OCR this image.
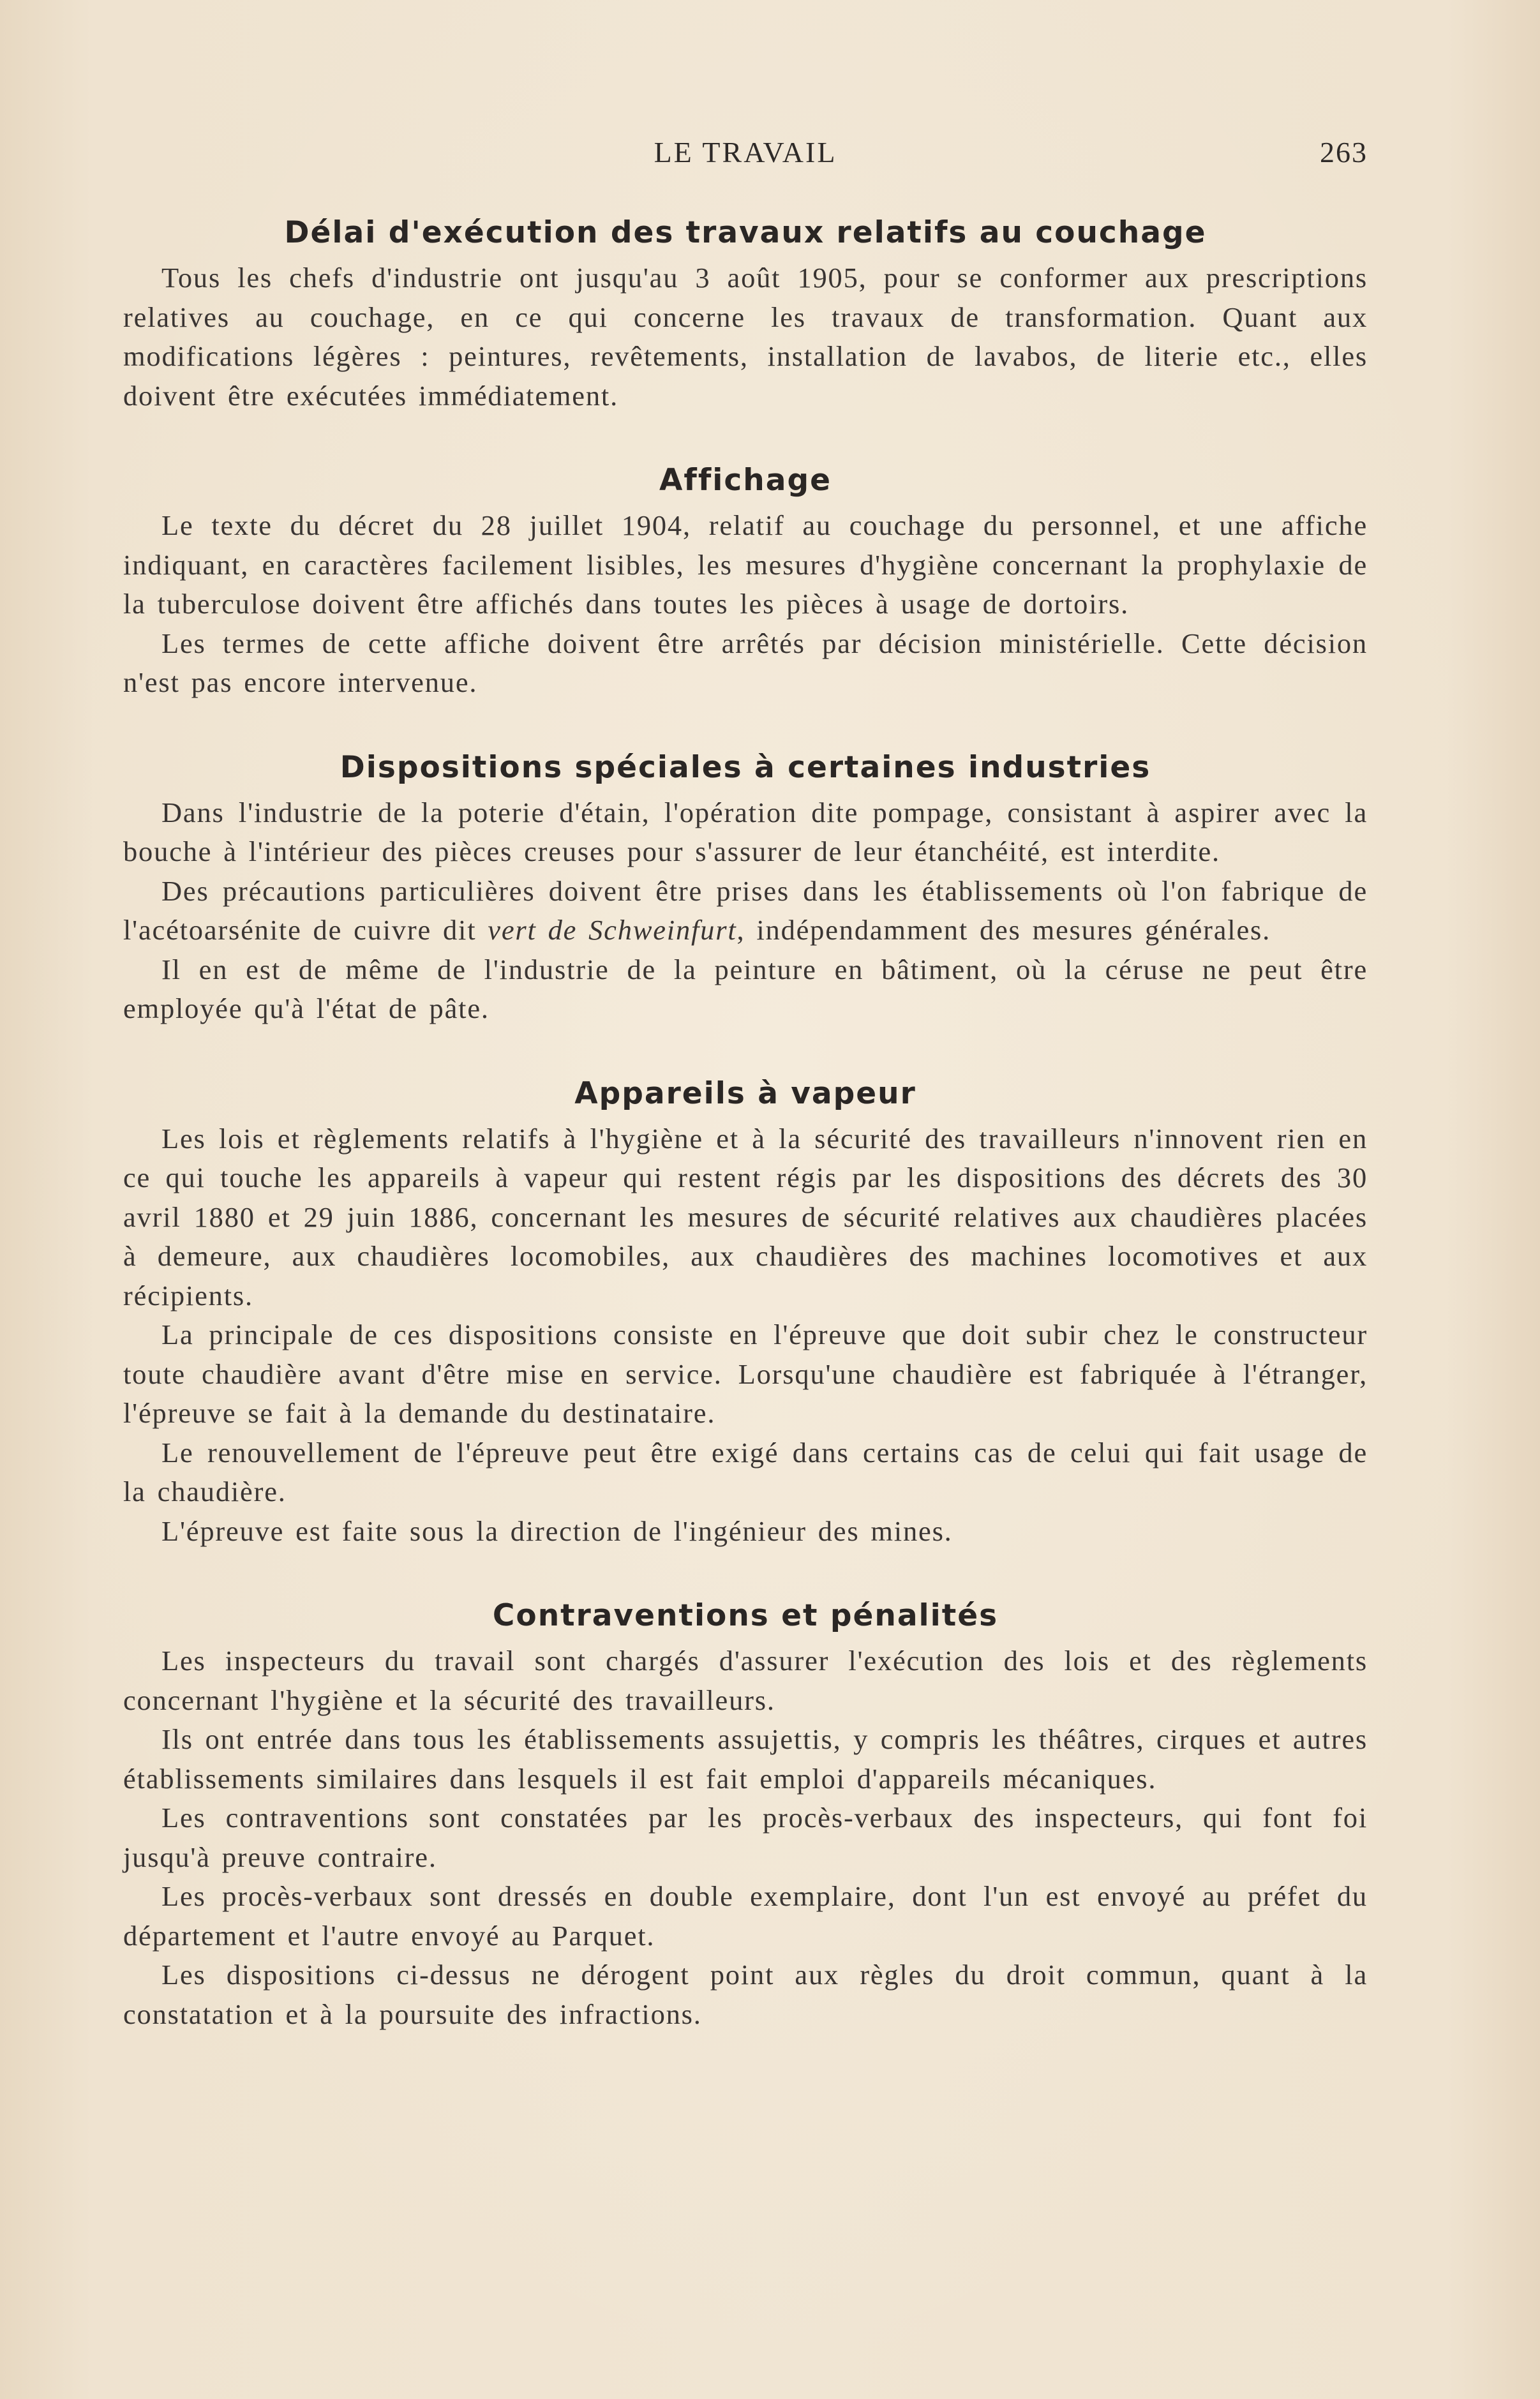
LE TRAVAIL	263
Délai d'exécution des travaux relatifs au couchage

Tous les chefs d'industrie ont jusqu'au 3 août 1905, pour se conformer aux prescriptions relatives au couchage, en ce qui concerne les travaux de transformation. Quant aux modifications légères : peintures, revêtements, installation de lavabos, de literie etc., elles doivent être exécutées immédiatement.

Affichage

Le texte du décret du 28 juillet 1904, relatif au couchage du personnel, et une affiche indiquant, en caractères facilement lisibles, les mesures d'hygiène concernant la prophylaxie de la tuberculose doivent être affichés dans toutes les pièces à usage de dortoirs.

Les termes de cette affiche doivent être arrêtés par décision ministérielle. Cette décision n'est pas encore intervenue.

Dispositions spéciales à certaines industries

Dans l'industrie de la poterie d'étain, l'opération dite pompage, consistant à aspirer avec la bouche à l'intérieur des pièces creuses pour s'assurer de leur étanchéité, est interdite.

Des précautions particulières doivent être prises dans les établissements où l'on fabrique de l'acétoarsénite de cuivre dit vert de Schweinfurt, indépendamment des mesures générales.

Il en est de même de l'industrie de la peinture en bâtiment, où la céruse ne peut être employée qu'à l'état de pâte.

Appareils à vapeur

Les lois et règlements relatifs à l'hygiène et à la sécurité des travailleurs n'innovent rien en ce qui touche les appareils à vapeur qui restent régis par les dispositions des décrets des 30 avril 1880 et 29 juin 1886, concernant les mesures de sécurité relatives aux chaudières placées à demeure, aux chaudières locomobiles, aux chaudières des machines locomotives et aux récipients.

La principale de ces dispositions consiste en l'épreuve que doit subir chez le constructeur toute chaudière avant d'être mise en service. Lorsqu'une chaudière est fabriquée à l'étranger, l'épreuve se fait à la demande du destinataire.

Le renouvellement de l'épreuve peut être exigé dans certains cas de celui qui fait usage de la chaudière.

L'épreuve est faite sous la direction de l'ingénieur des mines.

Contraventions et pénalités

Les inspecteurs du travail sont chargés d'assurer l'exécution des lois et des règlements concernant l'hygiène et la sécurité des travailleurs.

Ils ont entrée dans tous les établissements assujettis, y compris les théâtres, cirques et autres établissements similaires dans lesquels il est fait emploi d'appareils mécaniques.

Les contraventions sont constatées par les procès-verbaux des inspecteurs, qui font foi jusqu'à preuve contraire.

Les procès-verbaux sont dressés en double exemplaire, dont l'un est envoyé au préfet du département et l'autre envoyé au Parquet.

Les dispositions ci-dessus ne dérogent point aux règles du droit commun, quant à la constatation et à la poursuite des infractions.
